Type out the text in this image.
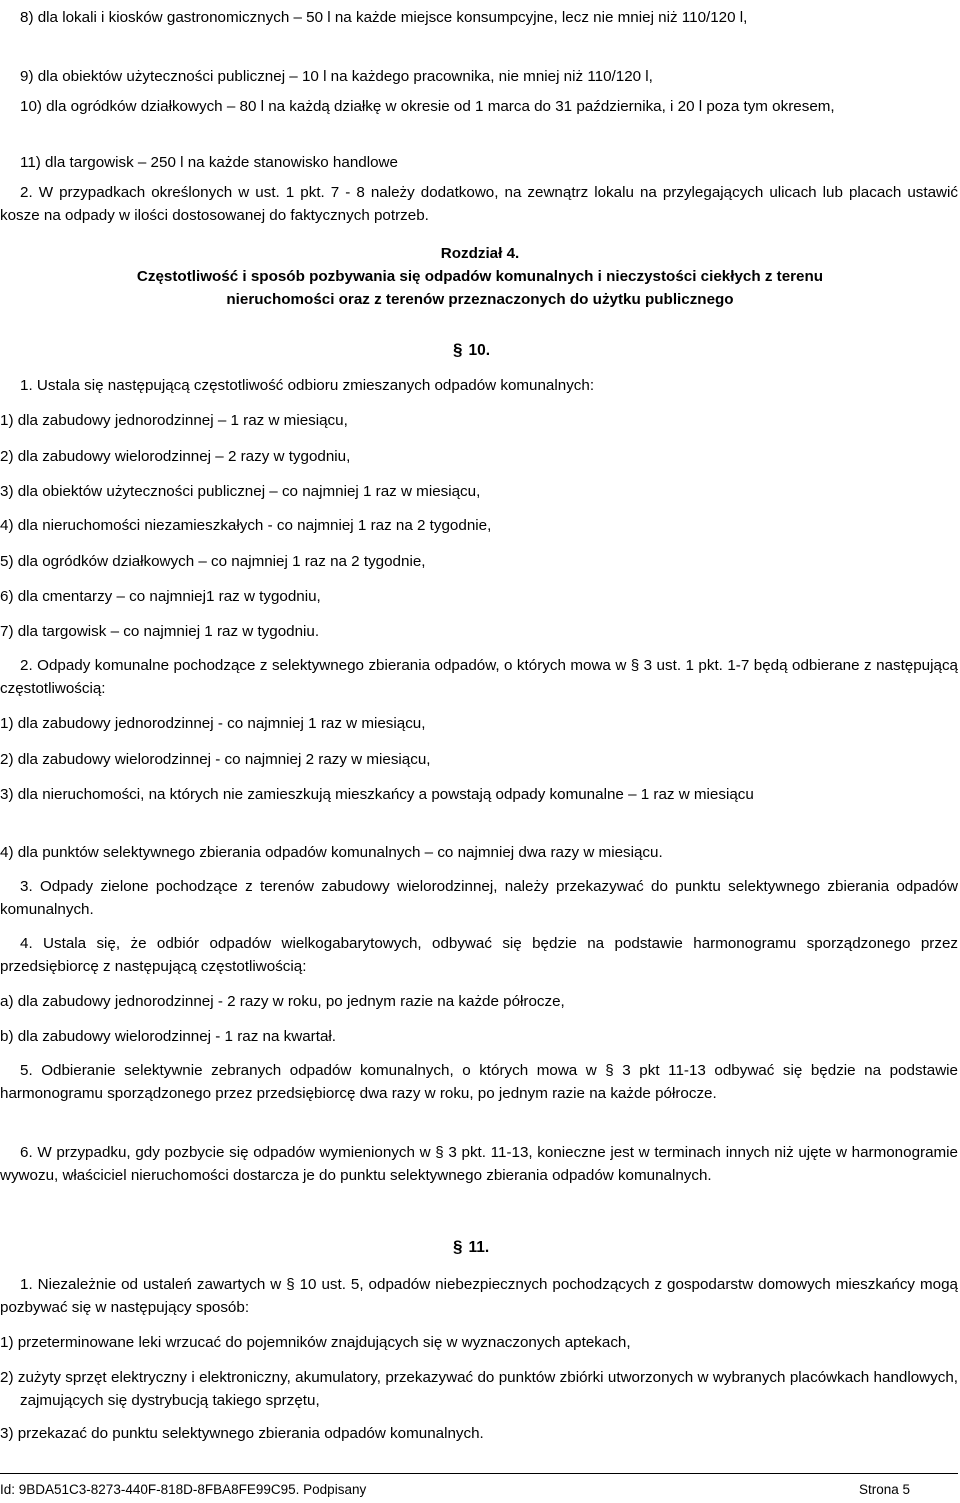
8) dla lokali i kiosków gastronomicznych – 50 l na każde miejsce konsumpcyjne, lecz nie mniej niż 110/120 l,

9) dla obiektów użyteczności publicznej – 10 l na każdego pracownika, nie mniej niż 110/120 l,

10) dla ogródków działkowych – 80 l na każdą działkę w okresie od 1 marca do 31 października, i 20 l poza tym okresem,

11) dla targowisk – 250 l na każde stanowisko handlowe

2. W przypadkach określonych w ust. 1 pkt. 7 - 8 należy dodatkowo, na zewnątrz lokalu na przylegających ulicach lub placach ustawić kosze na odpady w ilości dostosowanej do faktycznych potrzeb.

Rozdział 4.
Częstotliwość i sposób pozbywania się odpadów komunalnych i nieczystości ciekłych z terenu
nieruchomości oraz z terenów przeznaczonych do użytku publicznego
§ 10.

1. Ustala się następującą częstotliwość odbioru zmieszanych odpadów komunalnych:

1) dla zabudowy jednorodzinnej – 1 raz w miesiącu,

2) dla zabudowy wielorodzinnej – 2 razy w tygodniu,

3) dla obiektów użyteczności publicznej – co najmniej 1 raz w miesiącu,

4) dla nieruchomości niezamieszkałych - co najmniej 1 raz na 2 tygodnie,

5) dla ogródków działkowych – co najmniej 1 raz na 2 tygodnie,

6) dla cmentarzy – co najmniej1 raz w tygodniu,

7) dla targowisk – co najmniej 1 raz w tygodniu.

2. Odpady komunalne pochodzące z selektywnego zbierania odpadów, o których mowa w § 3 ust. 1 pkt. 1-7 będą odbierane z następującą częstotliwością:

1) dla zabudowy jednorodzinnej - co najmniej 1 raz w miesiącu,

2) dla zabudowy wielorodzinnej - co najmniej 2 razy w miesiącu,

3) dla nieruchomości, na których nie zamieszkują mieszkańcy a powstają odpady komunalne – 1 raz w miesiącu

4) dla punktów selektywnego zbierania odpadów komunalnych – co najmniej dwa razy w miesiącu.

3. Odpady zielone pochodzące z terenów zabudowy wielorodzinnej, należy przekazywać do punktu selektywnego zbierania odpadów komunalnych.

4. Ustala się, że odbiór odpadów wielkogabarytowych, odbywać się będzie na podstawie harmonogramu sporządzonego przez przedsiębiorcę z następującą częstotliwością:

a) dla zabudowy jednorodzinnej - 2 razy w roku, po jednym razie na każde półrocze,

b) dla zabudowy wielorodzinnej - 1 raz na kwartał.

5. Odbieranie selektywnie zebranych odpadów komunalnych, o których mowa w § 3 pkt 11-13 odbywać się będzie na podstawie harmonogramu sporządzonego przez przedsiębiorcę dwa razy w roku, po jednym razie na każde półrocze.

6. W przypadku, gdy pozbycie się odpadów wymienionych w § 3 pkt. 11-13, konieczne jest w terminach innych niż ujęte w harmonogramie wywozu, właściciel nieruchomości dostarcza je do punktu selektywnego zbierania odpadów komunalnych.

§ 11.

1. Niezależnie od ustaleń zawartych w § 10 ust. 5, odpadów niebezpiecznych pochodzących z gospodarstw domowych mieszkańcy mogą pozbywać się w następujący sposób:

1) przeterminowane leki wrzucać do pojemników znajdujących się w wyznaczonych aptekach,

2) zużyty sprzęt elektryczny i elektroniczny, akumulatory, przekazywać do punktów zbiórki utworzonych w wybranych placówkach handlowych, zajmujących się dystrybucją takiego sprzętu,

3) przekazać do punktu selektywnego zbierania odpadów komunalnych.

Id: 9BDA51C3-8273-440F-818D-8FBA8FE99C95. Podpisany	Strona 5
